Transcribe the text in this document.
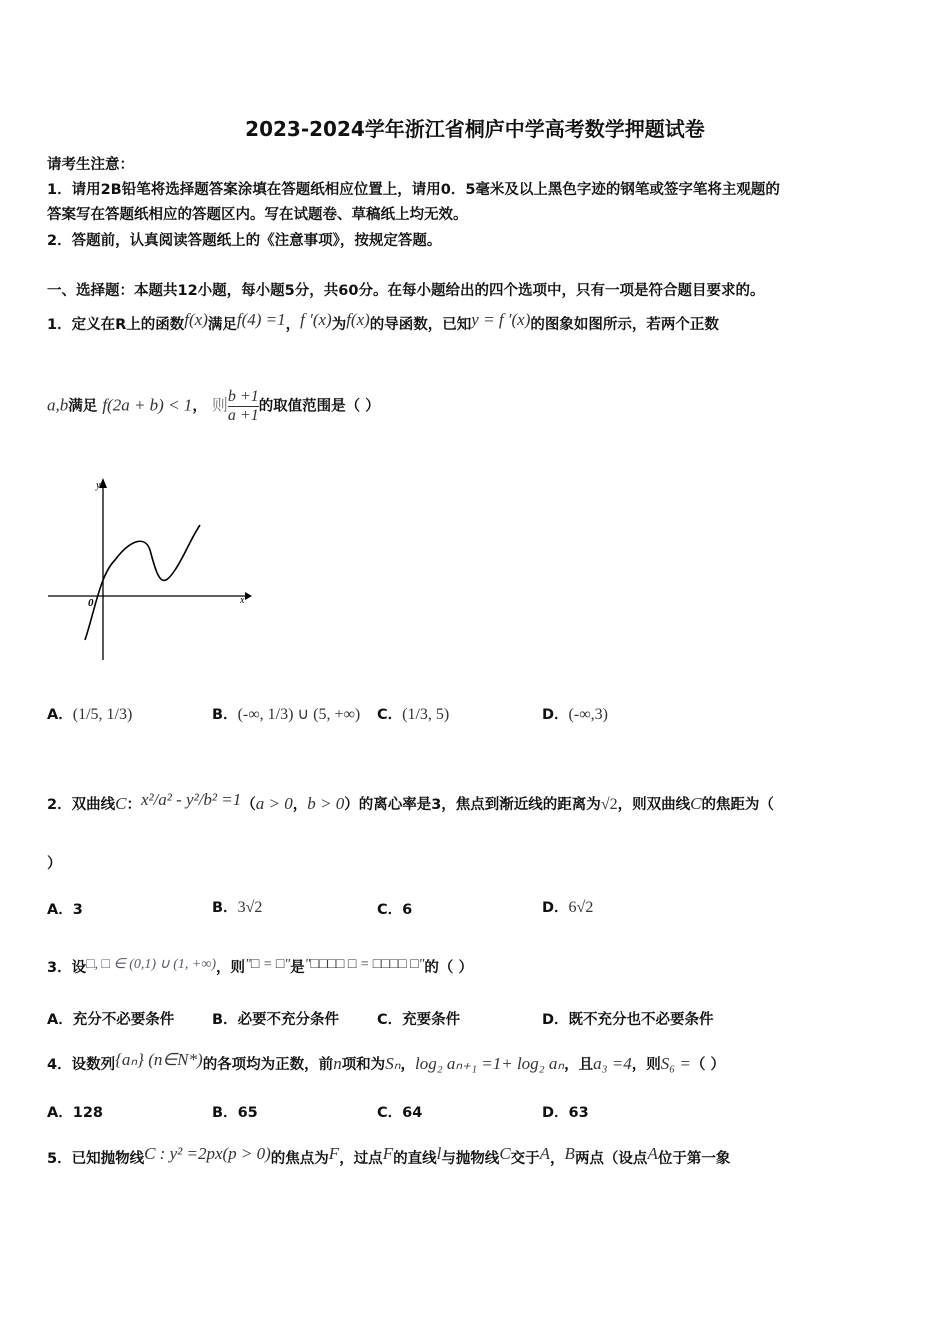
2023-2024学年浙江省桐庐中学高考数学押题试卷
请考生注意：
1．请用2B铅笔将选择题答案涂填在答题纸相应位置上，请用0．5毫米及以上黑色字迹的钢笔或签字笔将主观题的
答案写在答题纸相应的答题区内。写在试题卷、草稿纸上均无效。
2．答题前，认真阅读答题纸上的《注意事项》，按规定答题。
一、选择题：本题共12小题，每小题5分，共60分。在每小题给出的四个选项中，只有一项是符合题目要求的。
1．定义在R上的函数f(x)满足f(4) =1，f ′(x)为f(x)的导函数，已知y = f ′(x)的图象如图所示，若两个正数
a,b满足 f(2a + b) < 1， 则 $\frac{b +1}{a +1}$ 的取值范围是（ ）
y
x
0
A．(1/5, 1/3)	B．(-∞, 1/3) ∪ (5, +∞) C．(1/3, 5)	D．(-∞,3)
2．双曲线C：x²/a² - y²/b² =1（a > 0，b > 0）的离心率是3，焦点到渐近线的距离为√2，则双曲线C的焦距为（
）
A．3	B．3√2	C．6	D．6√2
3．设□, □ ∈ (0,1) ∪ (1, +∞)，则"□ = □"是"□□□□ □ = □□□□ □"的（ ）
A．充分不必要条件	B．必要不充分条件	C．充要条件	D．既不充分也不必要条件
4．设数列{aₙ} (n∈N*)的各项均为正数，前n项和为Sₙ，log₂ aₙ₊₁ =1+ log₂ aₙ，且a₃ =4，则S₆ =（ ）
A．128	B．65	C．64	D．63
5．已知抛物线C : y² =2px(p > 0)的焦点为F，过点F的直线l与抛物线C交于A，B两点（设点A位于第一象
